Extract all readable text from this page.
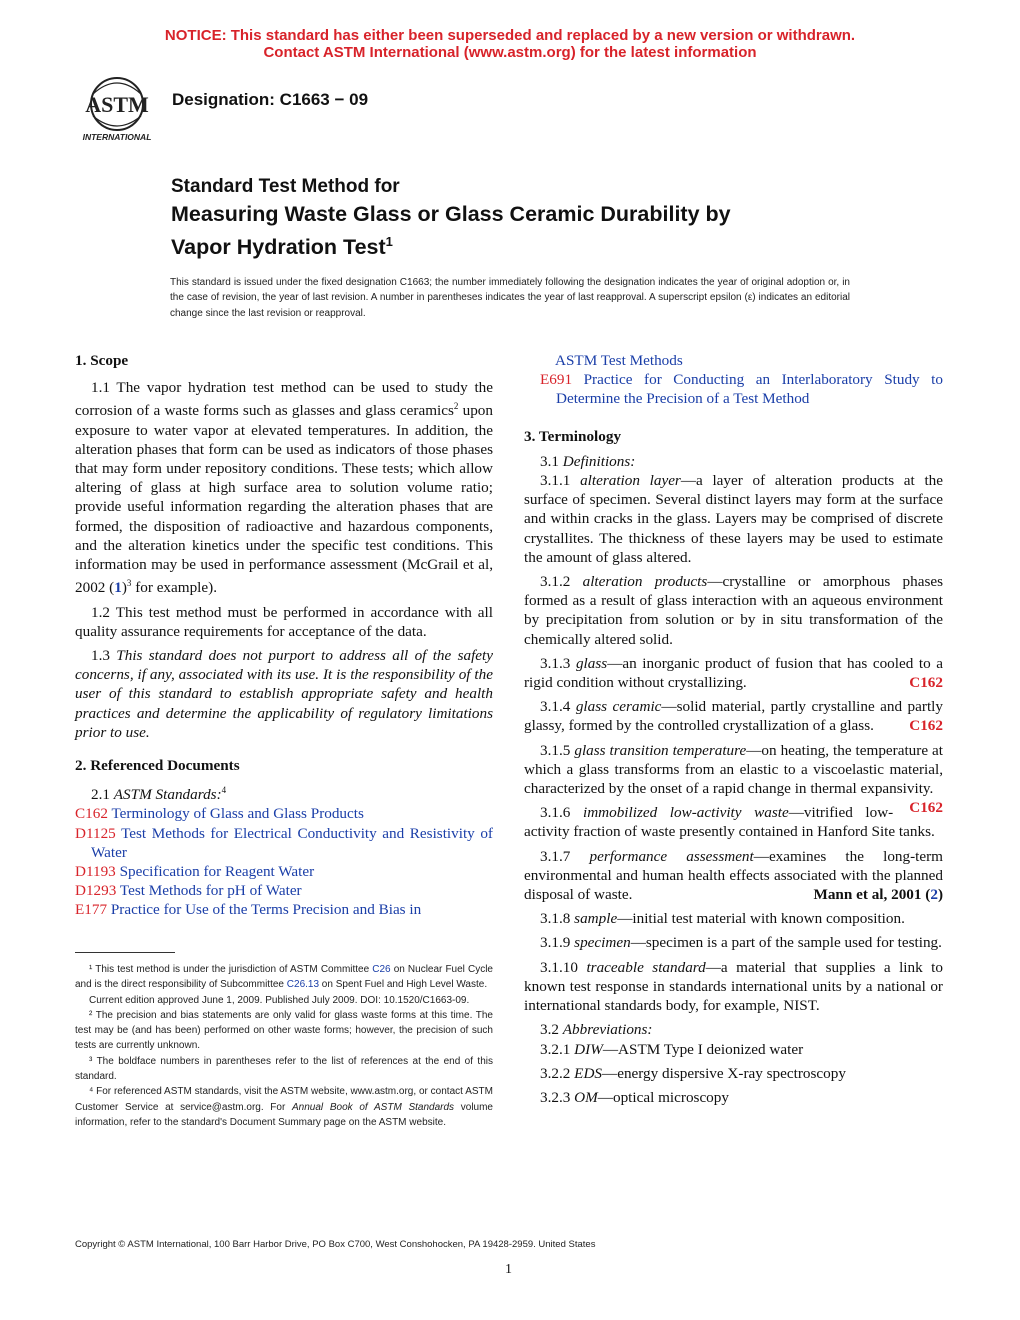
NOTICE: This standard has either been superseded and replaced by a new version or withdrawn.
Contact ASTM International (www.astm.org) for the latest information
ASTM
INTERNATIONAL
Designation: C1663 − 09
Standard Test Method for
Measuring Waste Glass or Glass Ceramic Durability by
Vapor Hydration Test$^1$
This standard is issued under the fixed designation C1663; the number immediately following the designation indicates the year of original adoption or, in the case of revision, the year of last revision. A number in parentheses indicates the year of last reapproval. A superscript epsilon (ε) indicates an editorial change since the last revision or reapproval.

1. Scope

1.1 The vapor hydration test method can be used to study the corrosion of a waste forms such as glasses and glass ceramics$^2$ upon exposure to water vapor at elevated temperatures. In addition, the alteration phases that form can be used as indicators of those phases that may form under repository conditions. These tests; which allow altering of glass at high surface area to solution volume ratio; provide useful information regarding the alteration phases that are formed, the disposition of radioactive and hazardous components, and the alteration kinetics under the specific test conditions. This information may be used in performance assessment (McGrail et al, 2002 $(1)^3$ for example).

1.2 This test method must be performed in accordance with all quality assurance requirements for acceptance of the data.

1.3 This standard does not purport to address all of the safety concerns, if any, associated with its use. It is the responsibility of the user of this standard to establish appropriate safety and health practices and determine the applicability of regulatory limitations prior to use.

2. Referenced Documents

2.1 ASTM Standards:$^4$

C162 Terminology of Glass and Glass Products

D1125 Test Methods for Electrical Conductivity and Resistivity of Water

D1193 Specification for Reagent Water

D1293 Test Methods for pH of Water

E177 Practice for Use of the Terms Precision and Bias in

¹ This test method is under the jurisdiction of ASTM Committee C26 on Nuclear Fuel Cycle and is the direct responsibility of Subcommittee C26.13 on Spent Fuel and High Level Waste.

Current edition approved June 1, 2009. Published July 2009. DOI: 10.1520/C1663-09.

² The precision and bias statements are only valid for glass waste forms at this time. The test may be (and has been) performed on other waste forms; however, the precision of such tests are currently unknown.

³ The boldface numbers in parentheses refer to the list of references at the end of this standard.

⁴ For referenced ASTM standards, visit the ASTM website, www.astm.org, or contact ASTM Customer Service at service@astm.org. For Annual Book of ASTM Standards volume information, refer to the standard's Document Summary page on the ASTM website.

ASTM Test Methods

E691 Practice for Conducting an Interlaboratory Study to Determine the Precision of a Test Method

3. Terminology

3.1 Definitions:

3.1.1 alteration layer—a layer of alteration products at the surface of specimen. Several distinct layers may form at the surface and within cracks in the glass. Layers may be comprised of discrete crystallites. The thickness of these layers may be used to estimate the amount of glass altered.

3.1.2 alteration products—crystalline or amorphous phases formed as a result of glass interaction with an aqueous environment by precipitation from solution or by in situ transformation of the chemically altered solid.

3.1.3 glass—an inorganic product of fusion that has cooled to a rigid condition without crystallizing.	C162

3.1.4 glass ceramic—solid material, partly crystalline and partly glassy, formed by the controlled crystallization of a glass.	C162

3.1.5 glass transition temperature—on heating, the temperature at which a glass transforms from an elastic to a viscoelastic material, characterized by the onset of a rapid change in thermal expansivity.
C162

3.1.6 immobilized low-activity waste—vitrified low-activity fraction of waste presently contained in Hanford Site tanks.

3.1.7 performance assessment—examines the long-term environmental and human health effects associated with the planned disposal of waste.	Mann et al, 2001 (2)

3.1.8 sample—initial test material with known composition.

3.1.9 specimen—specimen is a part of the sample used for testing.

3.1.10 traceable standard—a material that supplies a link to known test response in standards international units by a national or international standards body, for example, NIST.

3.2 Abbreviations:

3.2.1 DIW—ASTM Type I deionized water

3.2.2 EDS—energy dispersive X-ray spectroscopy

3.2.3 OM—optical microscopy

Copyright © ASTM International, 100 Barr Harbor Drive, PO Box C700, West Conshohocken, PA 19428-2959. United States
1
